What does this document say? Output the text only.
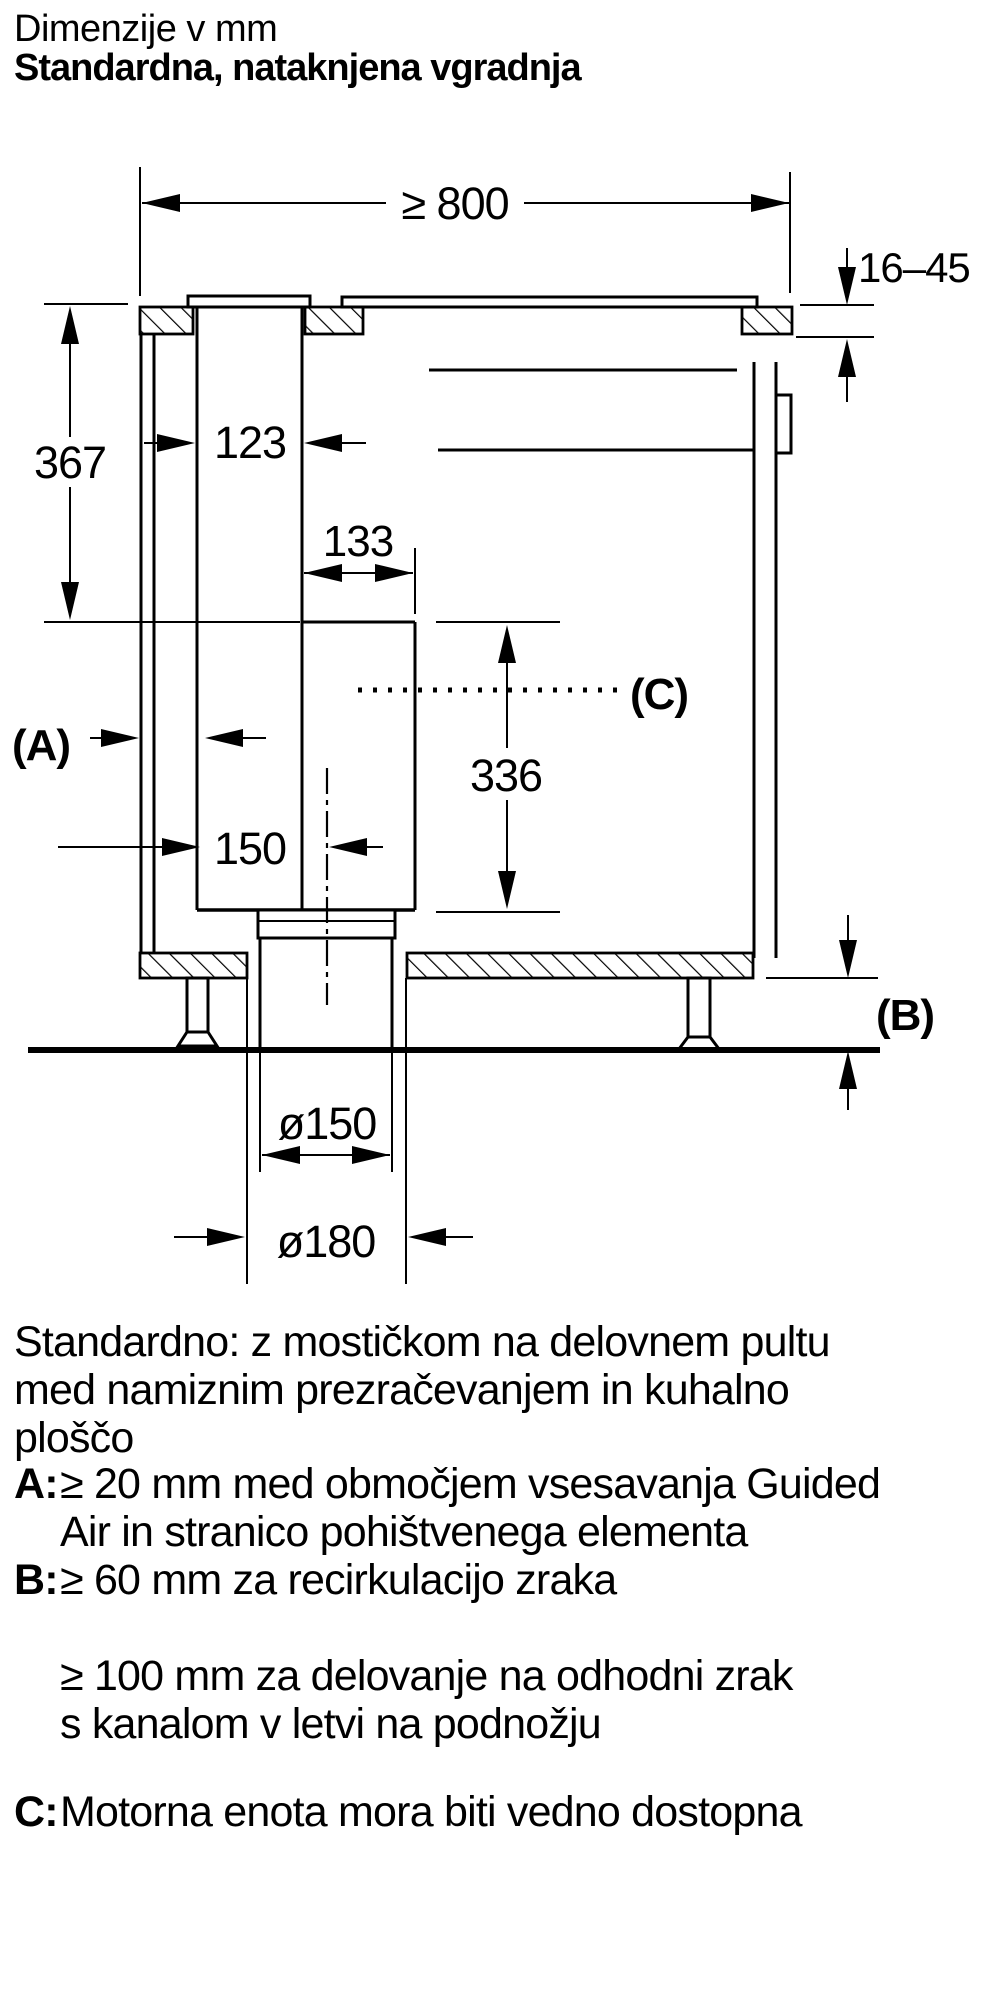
Dimenzije v mm
Standardna, nataknjena vgradnja
≥ 800
16–45
367 123
133
336
(C)
(A)
150
(B)
ø150
ø180
Standardno: z mostičkom na delovnem pultu
med namiznim prezračevanjem in kuhalno
ploščo
A: ≥ 20 mm med območjem vsesavanja Guided
Air in stranico pohištvenega elementa
B: ≥ 60 mm za recirkulacijo zraka
≥ 100 mm za delovanje na odhodni zrak
s kanalom v letvi na podnožju
C: Motorna enota mora biti vedno dostopna
